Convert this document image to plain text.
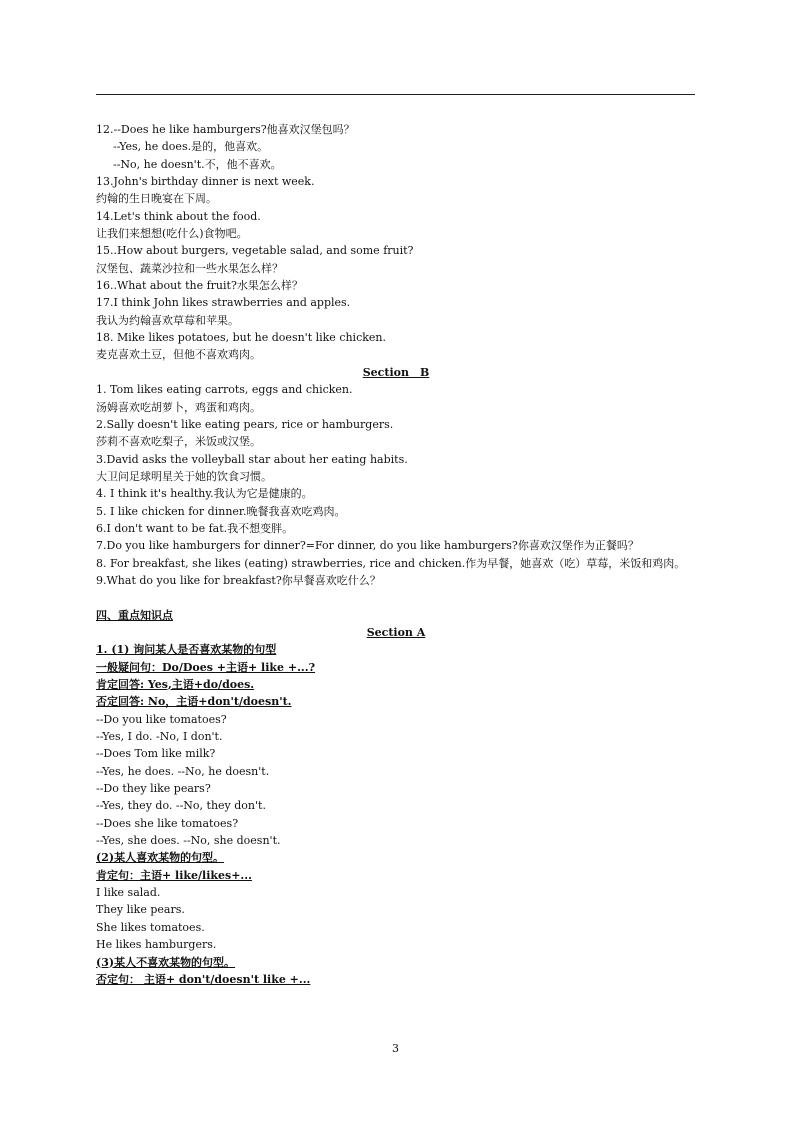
12.--Does he like hamburgers?他喜欢汉堡包吗？
--Yes, he does.是的，他喜欢。
--No, he doesn't.不，他不喜欢。
13.John's birthday dinner is next week.
约翰的生日晚宴在下周。
14.Let's think about the food.
让我们来想想(吃什么)食物吧。
15..How about burgers, vegetable salad, and some fruit?
汉堡包、蔬菜沙拉和一些水果怎么样？
16..What about the fruit?水果怎么样？
17.I think John likes strawberries and apples.
我认为约翰喜欢草莓和苹果。
18. Mike likes potatoes, but he doesn't like chicken.
麦克喜欢土豆，但他不喜欢鸡肉。
Section　B
1. Tom likes eating carrots, eggs and chicken.
汤姆喜欢吃胡萝卜，鸡蛋和鸡肉。
2.Sally doesn't like eating pears, rice or hamburgers.
莎莉不喜欢吃梨子，米饭或汉堡。
3.David asks the volleyball star about her eating habits.
大卫问足球明星关于她的饮食习惯。
4. I think it's healthy.我认为它是健康的。
5. I like chicken for dinner.晚餐我喜欢吃鸡肉。
6.I don't want to be fat.我不想变胖。
7.Do you like hamburgers for dinner?=For dinner, do you like hamburgers?你喜欢汉堡作为正餐吗？
8. For breakfast, she likes (eating) strawberries, rice and chicken.作为早餐，她喜欢（吃）草莓，米饭和鸡肉。
9.What do you like for breakfast?你早餐喜欢吃什么？
四、重点知识点
Section A
1. (1) 询问某人是否喜欢某物的句型
一般疑问句：Do/Does +主语+ like +...?
肯定回答: Yes,主语+do/does.
否定回答: No，主语+don't/doesn't.
--Do you like tomatoes?
--Yes, I do. -No, I don't.
--Does Tom like milk?
--Yes, he does. --No, he doesn't.
--Do they like pears?
--Yes, they do. --No, they don't.
--Does she like tomatoes?
--Yes, she does. --No, she doesn't.
(2)某人喜欢某物的句型。
肯定句：主语+ like/likes+...
I like salad.
They like pears.
She likes tomatoes.
He likes hamburgers.
(3)某人不喜欢某物的句型。
否定句： 主语+ don't/doesn't like +...
3
